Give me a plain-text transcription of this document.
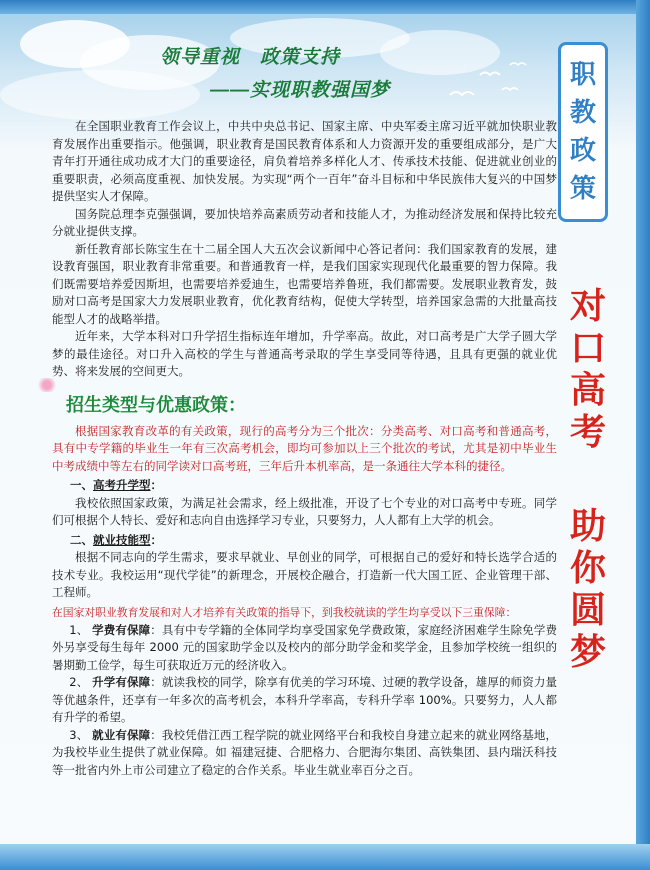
领导重视　政策支持
——实现职教强国梦
职
教
政
策
对
口
高
考
助
你
圆
梦

在全国职业教育工作会议上，中共中央总书记、国家主席、中央军委主席习近平就加快职业教育发展作出重要指示。他强调，职业教育是国民教育体系和人力资源开发的重要组成部分，是广大青年打开通往成功成才大门的重要途径，肩负着培养多样化人才、传承技术技能、促进就业创业的重要职责，必须高度重视、加快发展。为实现“两个一百年”奋斗目标和中华民族伟大复兴的中国梦提供坚实人才保障。

国务院总理李克强强调，要加快培养高素质劳动者和技能人才，为推动经济发展和保持比较充分就业提供支撑。

新任教育部长陈宝生在十二届全国人大五次会议新闻中心答记者问：我们国家教育的发展，建设教育强国，职业教育非常重要。和普通教育一样，是我们国家实现现代化最重要的智力保障。我们既需要培养爱因斯坦，也需要培养爱迪生，也需要培养鲁班，我们都需要。发展职业教育发，鼓励对口高考是国家大力发展职业教育，优化教育结构，促使大学转型，培养国家急需的大批量高技能型人才的战略举措。

近年来，大学本科对口升学招生指标连年增加，升学率高。故此，对口高考是广大学子圆大学梦的最佳途径。对口升入高校的学生与普通高考录取的学生享受同等待遇，且具有更强的就业优势、将来发展的空间更大。

招生类型与优惠政策：

根据国家教育改革的有关政策，现行的高考分为三个批次：分类高考、对口高考和普通高考，具有中专学籍的毕业生一年有三次高考机会，即均可参加以上三个批次的考试，尤其是初中毕业生中考成绩中等左右的同学读对口高考班，三年后升本机率高，是一条通往大学本科的捷径。

一、高考升学型：

我校依照国家政策，为满足社会需求，经上级批准，开设了七个专业的对口高考中专班。同学们可根据个人特长、爱好和志向自由选择学习专业，只要努力，人人都有上大学的机会。

二、就业技能型：

根据不同志向的学生需求，要求早就业、早创业的同学，可根据自己的爱好和特长选学合适的技术专业。我校运用“现代学徒”的新理念，开展校企融合，打造新一代大国工匠、企业管理干部、工程师。

在国家对职业教育发展和对人才培养有关政策的指导下，到我校就读的学生均享受以下三重保障：

1、 学费有保障：具有中专学籍的全体同学均享受国家免学费政策，家庭经济困难学生除免学费外另享受每生每年 2000 元的国家助学金以及校内的部分助学金和奖学金，且参加学校统一组织的暑期勤工俭学，每生可获取近万元的经济收入。

2、 升学有保障：就读我校的同学，除享有优美的学习环境、过硬的教学设备，雄厚的师资力量等优越条件，还享有一年多次的高考机会，本科升学率高，专科升学率 100%。只要努力，人人都有升学的希望。

3、 就业有保障：我校凭借江西工程学院的就业网络平台和我校自身建立起来的就业网络基地，为我校毕业生提供了就业保障。如 福建冠捷、合肥格力、合肥海尔集团、高铁集团、县内瑞沃科技等一批省内外上市公司建立了稳定的合作关系。毕业生就业率百分之百。
